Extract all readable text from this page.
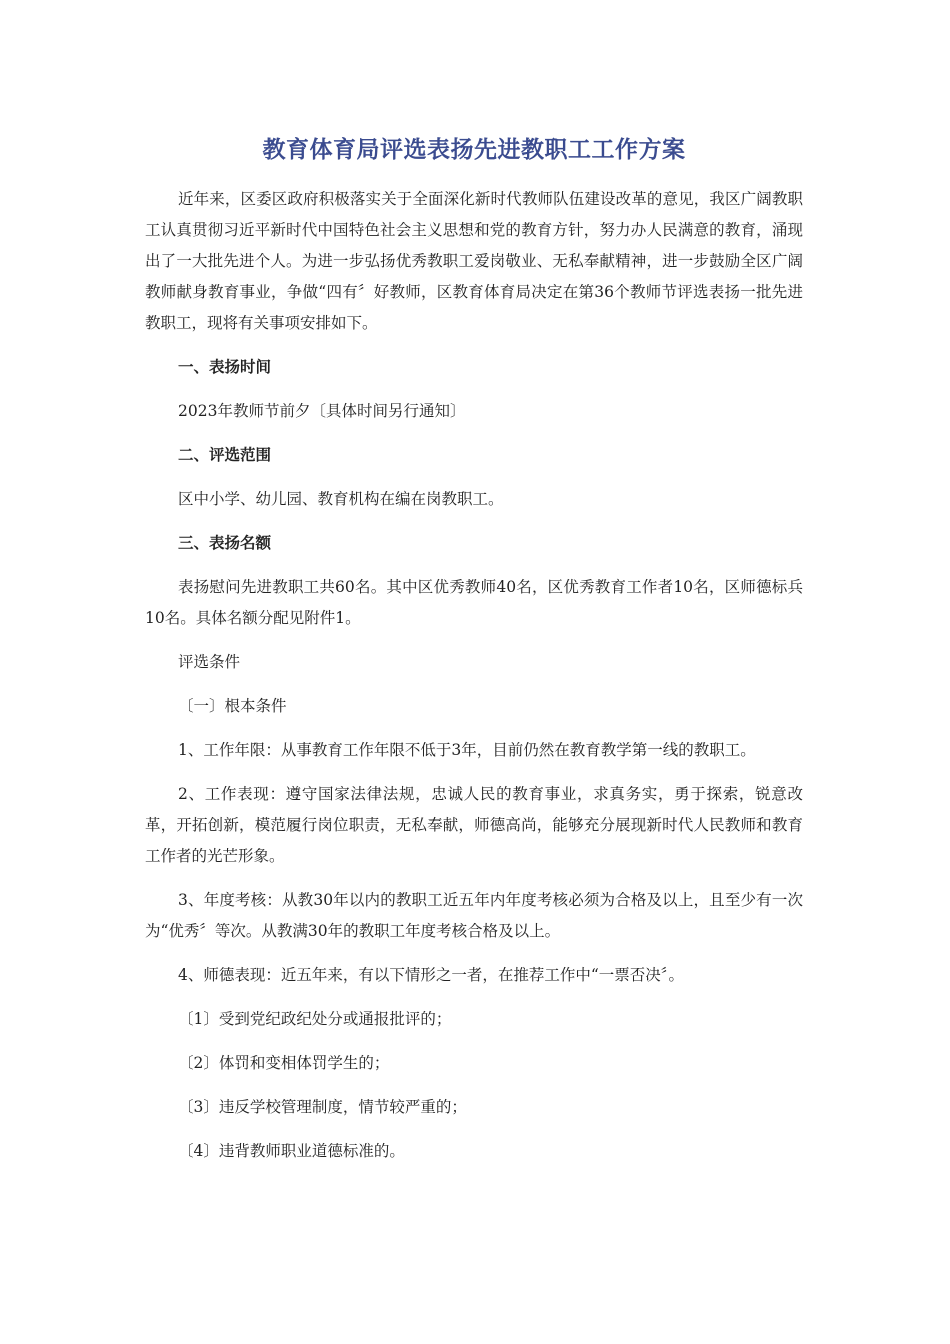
教育体育局评选表扬先进教职工工作方案

近年来，区委区政府积极落实关于全面深化新时代教师队伍建设改革的意见，我区广阔教职工认真贯彻习近平新时代中国特色社会主义思想和党的教育方针，努力办人民满意的教育，涌现出了一大批先进个人。为进一步弘扬优秀教职工爱岗敬业、无私奉献精神，进一步鼓励全区广阔教师献身教育事业，争做“四有〞好教师，区教育体育局决定在第36个教师节评选表扬一批先进教职工，现将有关事项安排如下。

一、表扬时间

2023年教师节前夕〔具体时间另行通知〕

二、评选范围

区中小学、幼儿园、教育机构在编在岗教职工。

三、表扬名额

表扬慰问先进教职工共60名。其中区优秀教师40名，区优秀教育工作者10名，区师德标兵10名。具体名额分配见附件1。

评选条件

〔一〕根本条件

1、工作年限：从事教育工作年限不低于3年，目前仍然在教育教学第一线的教职工。

2、工作表现：遵守国家法律法规，忠诚人民的教育事业，求真务实，勇于探索，锐意改革，开拓创新，模范履行岗位职责，无私奉献，师德高尚，能够充分展现新时代人民教师和教育工作者的光芒形象。

3、年度考核：从教30年以内的教职工近五年内年度考核必须为合格及以上，且至少有一次为“优秀〞等次。从教满30年的教职工年度考核合格及以上。

4、师德表现：近五年来，有以下情形之一者，在推荐工作中“一票否决〞。

〔1〕受到党纪政纪处分或通报批评的；

〔2〕体罚和变相体罚学生的；

〔3〕违反学校管理制度，情节较严重的；

〔4〕违背教师职业道德标准的。
